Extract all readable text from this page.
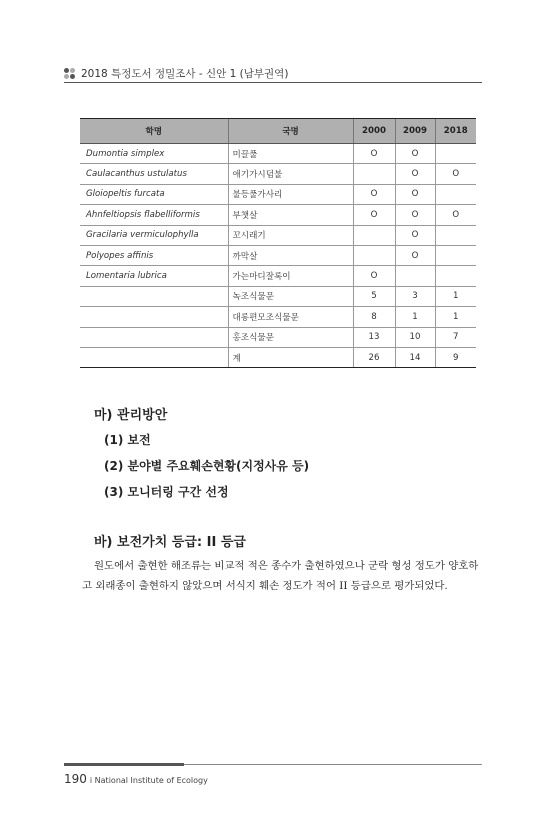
2018 특정도서 정밀조사 - 신안 1 (남부권역)
학명	국명	2000	2009	2018
Dumontia simplex	미끌풀	O	O	
Caulacanthus ustulatus	애기가시덤불		O	O
Gloiopeltis furcata	불등풀가사리	O	O	
Ahnfeltiopsis flabelliformis	부챗살	O	O	O
Gracilaria vermiculophylla	꼬시래기		O	
Polyopes affinis	까막살		O	
Lomentaria lubrica	가는마디잘록이	O		
	녹조식물문	5	3	1
	대롱편모조식물문	8	1	1
	홍조식물문	13	10	7
	계	26	14	9
마) 관리방안
(1) 보전
(2) 분야별 주요훼손현황(지정사유 등)
(3) 모니터링 구간 선정
바) 보전가치 등급: II 등급

원도에서 출현한 해조류는 비교적 적은 종수가 출현하였으나 군락 형성 정도가 양호하고 외래종이 출현하지 않았으며 서식지 훼손 정도가 적어 II 등급으로 평가되었다.

190 i National Institute of Ecology
